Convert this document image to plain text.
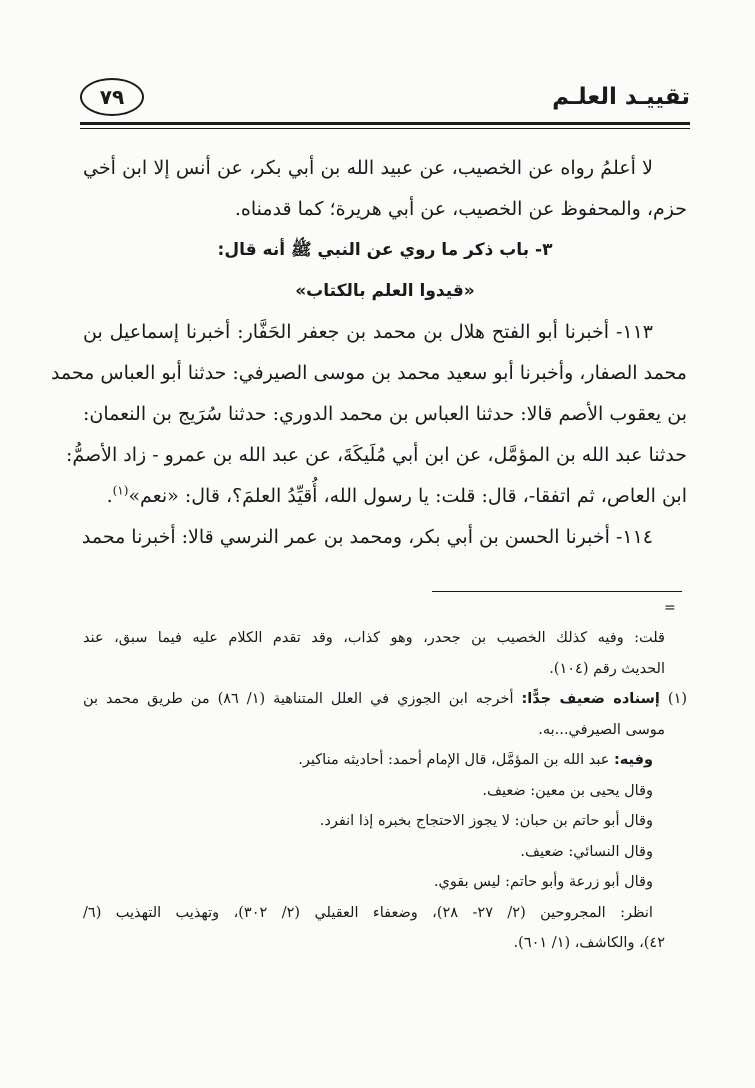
تقييـد العلـم
٧٩
لا أعلمُ رواه عن الخصيب، عن عبيد الله بن أبي بكر، عن أنس إلا ابن أخي
حزم، والمحفوظ عن الخصيب، عن أبي هريرة؛ كما قدمناه.
٣- باب ذكر ما روي عن النبي ﷺ أنه قال:
«قيدوا العلم بالكتاب»
١١٣- أخبرنا أبو الفتح هلال بن محمد بن جعفر الحَفَّار: أخبرنا إسماعيل بن
محمد الصفار، وأخبرنا أبو سعيد محمد بن موسى الصيرفي: حدثنا أبو العباس محمد
بن يعقوب الأصم قالا: حدثنا العباس بن محمد الدوري: حدثنا سُرَيج بن النعمان:
حدثنا عبد الله بن المؤمَّل، عن ابن أبي مُلَيكَةَ، عن عبد الله بن عمرو - زاد الأصمُّ:
ابن العاص، ثم اتفقا-، قال: قلت: يا رسول الله، أُقيِّدُ العلمَ؟، قال: «نعم»$^{(١)}$.
١١٤- أخبرنا الحسن بن أبي بكر، ومحمد بن عمر النرسي قالا: أخبرنا محمد
=
قلت: وفيه كذلك الخصيب بن جحدر، وهو كذاب، وقد تقدم الكلام عليه فيما سبق، عند
الحديث رقم (١٠٤).
(١) إسناده ضعيف جدًّا: أخرجه ابن الجوزي في العلل المتناهية (١/ ٨٦) من طريق محمد بن
موسى الصيرفي...به.
وفيه: عبد الله بن المؤمَّل، قال الإمام أحمد: أحاديثه مناكير.
وقال يحيى بن معين: ضعيف.
وقال أبو حاتم بن حبان: لا يجوز الاحتجاج بخبره إذا انفرد.
وقال النسائي: ضعيف.
وقال أبو زرعة وأبو حاتم: ليس بقوي.
انظر: المجروحين (٢/ ٢٧- ٢٨)، وضعفاء العقيلي (٢/ ٣٠٢)، وتهذيب التهذيب (٦/
٤٢)، والكاشف، (١/ ٦٠١).
